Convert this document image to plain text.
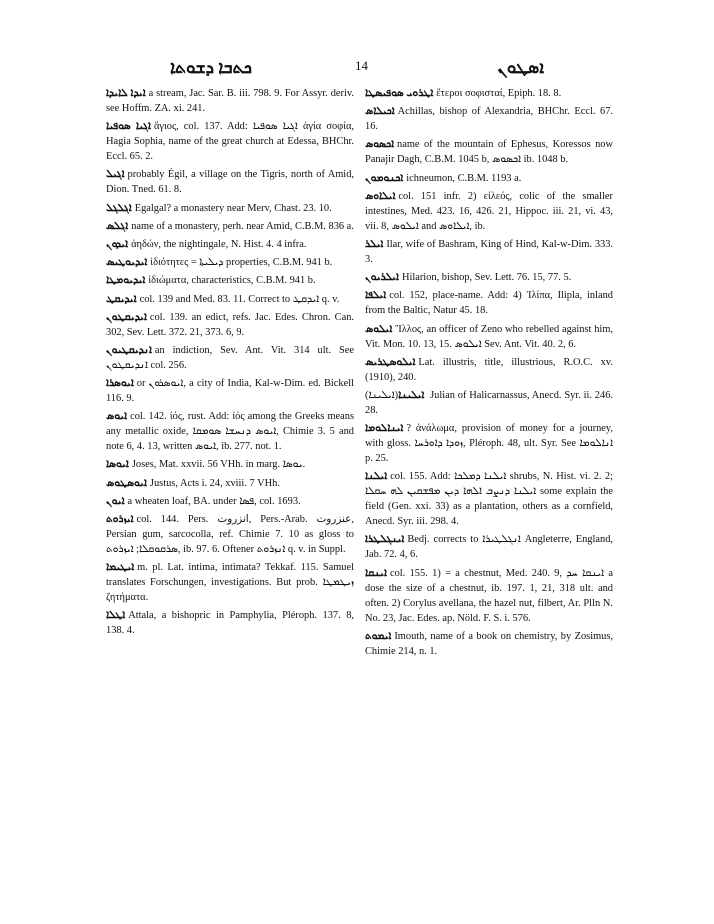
ܟܬܒܐ ܕܫܘܬܐ	14	ܐܣܛܘܢ

ܐܝܕܐ ܠܐܝܕܐ a stream, Jac. Sar. B. iii. 798. 9. For Assyr. deriv. see Hoffm. ZA. xi. 241.

ܐܓܝܐ ܣܘܦܝܐ ἅγιος, col. 137. Add: ܐܓܝܐ ܣܘܦܝܐ ἁγία σοφία, Hagia Sophia, name of the great church at Edessa, BHChr. Eccl. 65. 2.

ܐܓܝܠ probably Égil, a village on the Tigris, north of Amid, Dion. Tned. 61. 8.

ܐܓܠܓܠ Egalgal? a monastery near Merv, Chast. 23. 10.

ܐܓܠܣ name of a monastery, perh. near Amid, C.B.M. 836 a.

ܐܝܕܘܢ ἀηδών, the nightingale, N. Hist. 4. 4 infra.

ܐܝܕܝܘܛܝܣ ἰδιότητες = ܕܝܠܝܬܐ properties, C.B.M. 941 b.

ܐܝܕܝܘܡܛܐ ἰδιώματα, characteristics, C.B.M. 941 b.

ܐܝܕܝܩܛ col. 139 and Med. 83. 11. Correct to ܐܝܕܩܛ q. v.

ܐܝܕܝܩܛܘܢ col. 139. an edict, refs. Jac. Edes. Chron. Can. 302, Sev. Lett. 372. 21, 373. 6, 9.

ܐܢܕܝܩܛܝܘܢ an indiction, Sev. Ant. Vit. 314 ult. See ܐܢܕܝܩܛܘܢ col. 256.

ܐܝܘܣܪܐ or ܐܝܘܣܪܘܢ, a city of India, Kal-w-Dim. ed. Bickell 116. 9.

ܐܝܘܣ col. 142. ἰός, rust. Add: ἰός among the Greeks means any metallic oxide, ܐܝܘܣ ܕܢܚܫܐ ܣܘܡܩܐ, Chimie 3. 5 and note 6, 4. 13, written ܐܝܘܣ, ib. 277. not. 1.

ܐܝܘܣܐ Joses, Mat. xxvii. 56 VHh. in marg. ܝܘܣܐ.

ܐܝܘܣܛܘܣ Justus, Acts i. 24, xviii. 7 VHh.

ܐܝܘܢ a wheaten loaf, BA. under ܦܣܐ, col. 1693.

ܐܝܙܪܘܬ col. 144. Pers. انزروت, Pers.-Arab. عنزروت, Persian gum, sarcocolla, ref. Chimie 7. 10 as gloss to ܣܪܩܘܩܠܐ; ܐܝܙܪܘܬ, ib. 97. 6. Oftener ܐܢܙܪܘܬ q. v. in Suppl.

ܐܝܛܝܡܐ m. pl. Lat. intima, intimata? Tekkaf. 115. Samuel translates Forschungen, investigations. But prob. ܙܝܛܡܛܐ ζητήματα.

ܐܛܠܐ Attala, a bishopric in Pamphylia, Pléroph. 137. 8, 138. 4.

ܐܛܪܘܝ ܣܘܦܝܣܛܐ ἕτεροι σοφισταί, Epiph. 18. 8.

ܐܟܝܠܐܣ Achillas, bishop of Alexandria, BHChr. Eccl. 67. 16.

ܐܟܣܘܣ name of the mountain of Ephesus, Koressos now Panajir Dagh, C.B.M. 1045 b, ܐܟܣܘܣ ib. 1048 b.

ܐܟܢܘܡܘܢ ichneumon, C.B.M. 1193 a.

ܐܝܠܐܘܣ col. 151 infr. 2) εἰλεός, colic of the smaller intestines, Med. 423. 16, 426. 21, Hippoc. iii. 21, vi. 43, vii. 8, ܐܝܠܘܣ and ܐܝܠܐܘܣ, ib.

ܐܝܠܪ Ilar, wife of Bashram, King of Hind, Kal-w-Dim. 333. 3.

ܐܝܠܪܝܘܢ Hilarion, bishop, Sev. Lett. 76. 15, 77. 5.

ܐܝܠܦܐ col. 152, place-name. Add: 4) Ἰλίπα, Ilipla, inland from the Baltic, Natur 45. 18.

ܐܝܠܘܣ Ἴλλος, an officer of Zeno who rebelled against him, Vit. Mon. 10. 13, 15. ܐܝܠܘܣ Sev. Ant. Vit. 40. 2, 6.

ܐܝܠܘܣܛܪܝܣ Lat. illustris, title, illustrious, R.O.C. xv. (1910), 240.

ܐܝܠܝܢܐ(ܐܝܠܝܢܐ) Julian of Halicarnassus, Anecd. Syr. ii. 246. 28.

ܐܝܢܐܠܘܡܐ ? ἀνάλωμα, provision of money for a journey, with gloss. ܙܘܕܐ ܕܐܘܪܚܐ, Pléroph. 48, ult. Syr. See ܐܢܐܠܘܡܐ p. 25.

ܐܝܠܢܐ col. 155. Add: ܐܝܠܢܐ ܕܡܠܟܐ shrubs, N. Hist. vi. 2. 2; ܐܝܠܢܐ ܕܢܨܒ ܐܠܗܐ ܕܝܢ ܡܦܫܩܝܢ ܠܗ ܚܩܠܐ some explain the field (Gen. xxi. 33) as a plantation, others as a cornfield, Anecd. Syr. iii. 298. 4.

ܐܝܢܓܠܛܪܐ Bedj. corrects to ܐܢܓܠܛܝܪܐ Angleterre, England, Jab. 72. 4, 6.

ܐܝܢܩܐ col. 155. 1) = a chestnut, Med. 240. 9, ܐܝܢܩܐ ܚܕ a dose the size of a chestnut, ib. 197. 1, 21, 318 ult. and often. 2) Corylus avellana, the hazel nut, filbert, Ar. Plln N. No. 23, Jac. Edes. ap. Nöld. F. S. i. 576.

ܐܝܡܘܬ Imouth, name of a book on chemistry, by Zosimus, Chimie 214, n. 1.
